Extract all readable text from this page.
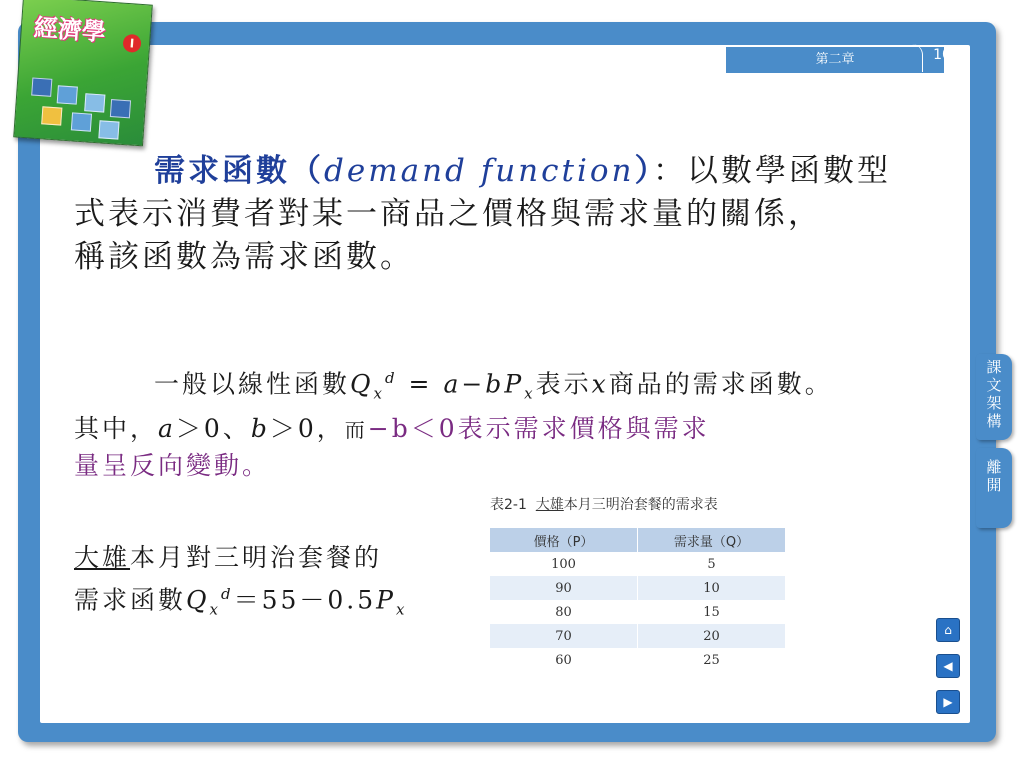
第二章	10
經濟學	I
需求函數（demand function）：以數學函數型
式表示消費者對某一商品之價格與需求量的關係，
稱該函數為需求函數。
一般以線性函數$Q_x^d = a-bP_x$表示x商品的需求函數。
其中，a＞0、b＞0，而−b＜0表示需求價格與需求
量呈反向變動。
大雄本月對三明治套餐的
需求函數$Q_x^d=55-0.5P_x$
表2-1 大雄本月三明治套餐的需求表
價格（P）	需求量（Q）
100	5
90	10
80	15
70	20
60	25
課文架構
離開
⌂
◀
▶
